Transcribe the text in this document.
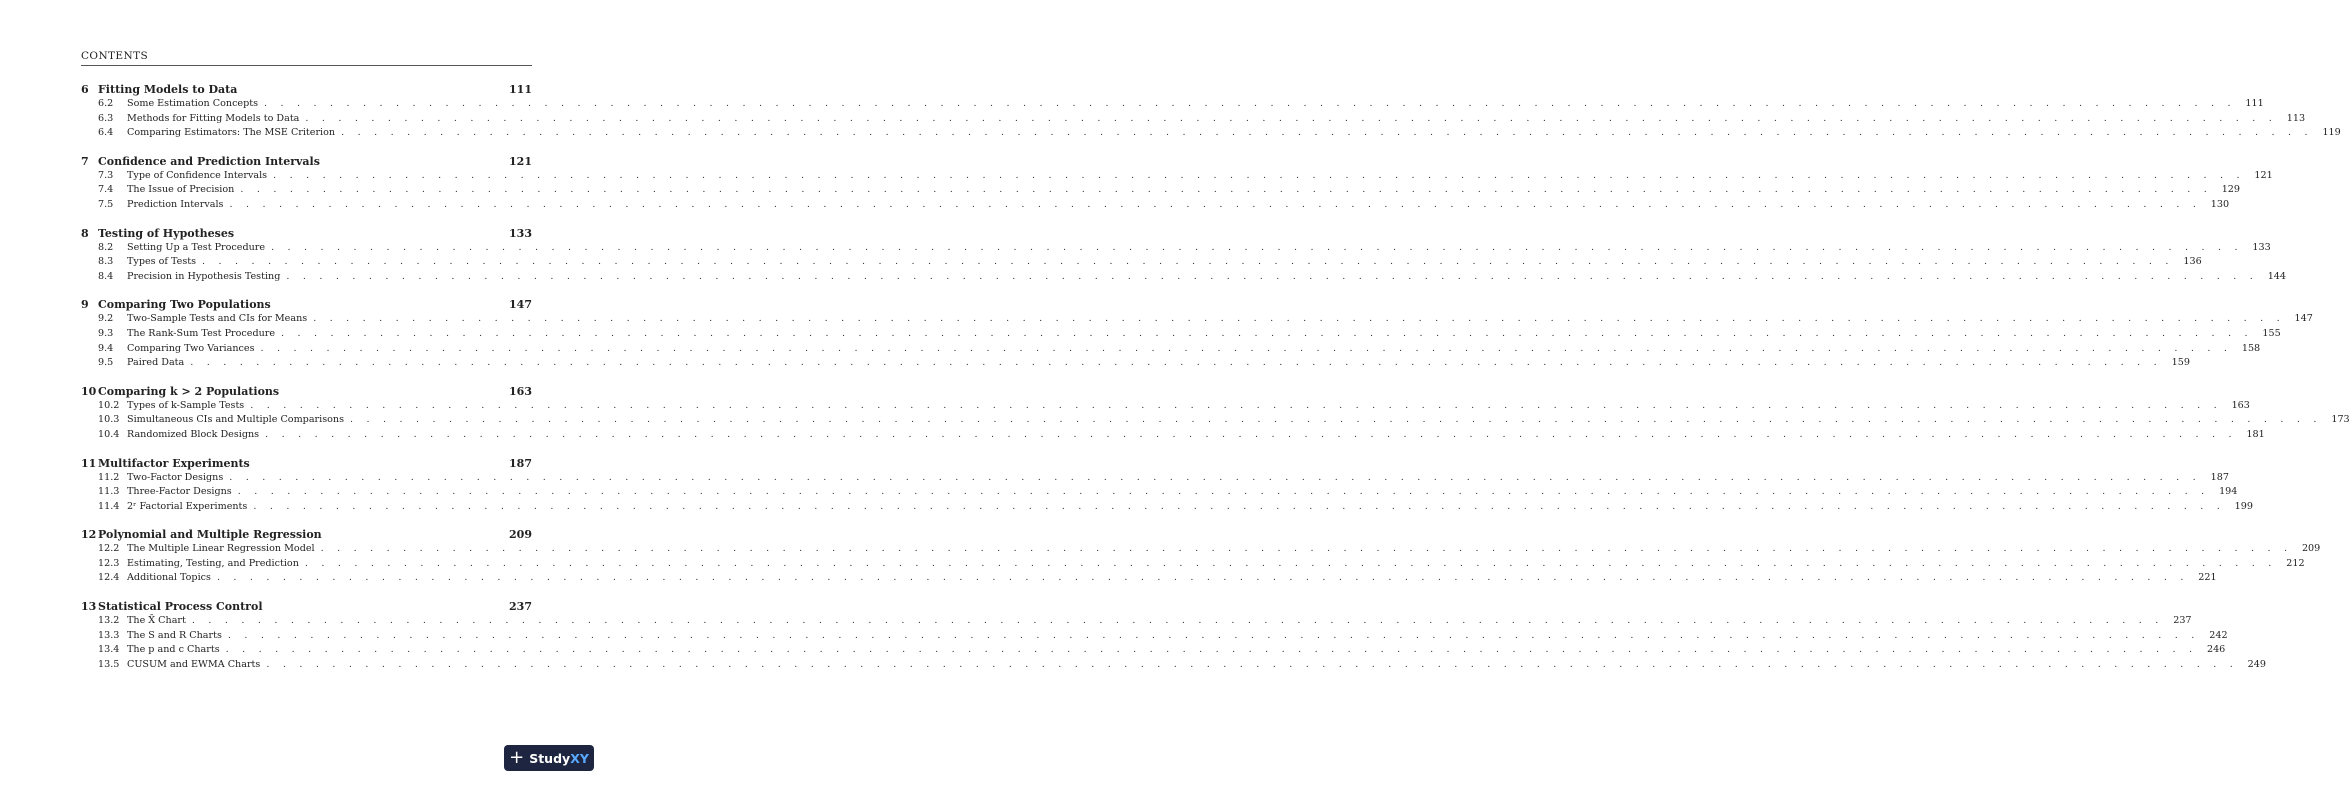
CONTENTS
6 Fitting Models to Data	111
6.2	Some Estimation Concepts . . . . . . . . . . . . . . . . . . . . . . . . . . . . . . . . . . . . . . . . . . . . . . . . . . . . . . . . . . . . . . . . . . . . . . . . . . . . . . . . . . . . . . . . . . . . . . . . . . . . . . . . . . . . . . . . . . . . . . . .	111
6.3	Methods for Fitting Models to Data . . . . . . . . . . . . . . . . . . . . . . . . . . . . . . . . . . . . . . . . . . . . . . . . . . . . . . . . . . . . . . . . . . . . . . . . . . . . . . . . . . . . . . . . . . . . . . . . . . . . . . . . . . . . . . . . . . . . . . . .	113
6.4	Comparing Estimators: The MSE Criterion . . . . . . . . . . . . . . . . . . . . . . . . . . . . . . . . . . . . . . . . . . . . . . . . . . . . . . . . . . . . . . . . . . . . . . . . . . . . . . . . . . . . . . . . . . . . . . . . . . . . . . . . . . . . . . . . . . . . . . . .	119
7 Confidence and Prediction Intervals	121
7.3	Type of Confidence Intervals . . . . . . . . . . . . . . . . . . . . . . . . . . . . . . . . . . . . . . . . . . . . . . . . . . . . . . . . . . . . . . . . . . . . . . . . . . . . . . . . . . . . . . . . . . . . . . . . . . . . . . . . . . . . . . . . . . . . . . . .	121
7.4	The Issue of Precision . . . . . . . . . . . . . . . . . . . . . . . . . . . . . . . . . . . . . . . . . . . . . . . . . . . . . . . . . . . . . . . . . . . . . . . . . . . . . . . . . . . . . . . . . . . . . . . . . . . . . . . . . . . . . . . . . . . . . . . .	129
7.5	Prediction Intervals . . . . . . . . . . . . . . . . . . . . . . . . . . . . . . . . . . . . . . . . . . . . . . . . . . . . . . . . . . . . . . . . . . . . . . . . . . . . . . . . . . . . . . . . . . . . . . . . . . . . . . . . . . . . . . . . . . . . . . . .	130
8 Testing of Hypotheses	133
8.2	Setting Up a Test Procedure . . . . . . . . . . . . . . . . . . . . . . . . . . . . . . . . . . . . . . . . . . . . . . . . . . . . . . . . . . . . . . . . . . . . . . . . . . . . . . . . . . . . . . . . . . . . . . . . . . . . . . . . . . . . . . . . . . . . . . . .	133
8.3	Types of Tests . . . . . . . . . . . . . . . . . . . . . . . . . . . . . . . . . . . . . . . . . . . . . . . . . . . . . . . . . . . . . . . . . . . . . . . . . . . . . . . . . . . . . . . . . . . . . . . . . . . . . . . . . . . . . . . . . . . . . . . .	136
8.4	Precision in Hypothesis Testing . . . . . . . . . . . . . . . . . . . . . . . . . . . . . . . . . . . . . . . . . . . . . . . . . . . . . . . . . . . . . . . . . . . . . . . . . . . . . . . . . . . . . . . . . . . . . . . . . . . . . . . . . . . . . . . . . . . . . . . .	144
9 Comparing Two Populations	147
9.2	Two-Sample Tests and CIs for Means . . . . . . . . . . . . . . . . . . . . . . . . . . . . . . . . . . . . . . . . . . . . . . . . . . . . . . . . . . . . . . . . . . . . . . . . . . . . . . . . . . . . . . . . . . . . . . . . . . . . . . . . . . . . . . . . . . . . . . . .	147
9.3	The Rank-Sum Test Procedure . . . . . . . . . . . . . . . . . . . . . . . . . . . . . . . . . . . . . . . . . . . . . . . . . . . . . . . . . . . . . . . . . . . . . . . . . . . . . . . . . . . . . . . . . . . . . . . . . . . . . . . . . . . . . . . . . . . . . . . .	155
9.4	Comparing Two Variances . . . . . . . . . . . . . . . . . . . . . . . . . . . . . . . . . . . . . . . . . . . . . . . . . . . . . . . . . . . . . . . . . . . . . . . . . . . . . . . . . . . . . . . . . . . . . . . . . . . . . . . . . . . . . . . . . . . . . . . .	158
9.5	Paired Data . . . . . . . . . . . . . . . . . . . . . . . . . . . . . . . . . . . . . . . . . . . . . . . . . . . . . . . . . . . . . . . . . . . . . . . . . . . . . . . . . . . . . . . . . . . . . . . . . . . . . . . . . . . . . . . . . . . . . . . .	159
10 Comparing k > 2 Populations	163
10.2 Types of k-Sample Tests . . . . . . . . . . . . . . . . . . . . . . . . . . . . . . . . . . . . . . . . . . . . . . . . . . . . . . . . . . . . . . . . . . . . . . . . . . . . . . . . . . . . . . . . . . . . . . . . . . . . . . . . . . . . . . . . . . . . . . . .	163
10.3 Simultaneous CIs and Multiple Comparisons . . . . . . . . . . . . . . . . . . . . . . . . . . . . . . . . . . . . . . . . . . . . . . . . . . . . . . . . . . . . . . . . . . . . . . . . . . . . . . . . . . . . . . . . . . . . . . . . . . . . . . . . . . . . . . . . . . . . . . . .	173
10.4 Randomized Block Designs . . . . . . . . . . . . . . . . . . . . . . . . . . . . . . . . . . . . . . . . . . . . . . . . . . . . . . . . . . . . . . . . . . . . . . . . . . . . . . . . . . . . . . . . . . . . . . . . . . . . . . . . . . . . . . . . . . . . . . . .	181
11 Multifactor Experiments	187
11.2 Two-Factor Designs . . . . . . . . . . . . . . . . . . . . . . . . . . . . . . . . . . . . . . . . . . . . . . . . . . . . . . . . . . . . . . . . . . . . . . . . . . . . . . . . . . . . . . . . . . . . . . . . . . . . . . . . . . . . . . . . . . . . . . . .	187
11.3 Three-Factor Designs . . . . . . . . . . . . . . . . . . . . . . . . . . . . . . . . . . . . . . . . . . . . . . . . . . . . . . . . . . . . . . . . . . . . . . . . . . . . . . . . . . . . . . . . . . . . . . . . . . . . . . . . . . . . . . . . . . . . . . . .	194
11.4 2ʳ Factorial Experiments . . . . . . . . . . . . . . . . . . . . . . . . . . . . . . . . . . . . . . . . . . . . . . . . . . . . . . . . . . . . . . . . . . . . . . . . . . . . . . . . . . . . . . . . . . . . . . . . . . . . . . . . . . . . . . . . . . . . . . . .	199
12 Polynomial and Multiple Regression	209
12.2 The Multiple Linear Regression Model . . . . . . . . . . . . . . . . . . . . . . . . . . . . . . . . . . . . . . . . . . . . . . . . . . . . . . . . . . . . . . . . . . . . . . . . . . . . . . . . . . . . . . . . . . . . . . . . . . . . . . . . . . . . . . . . . . . . . . . .	209
12.3 Estimating, Testing, and Prediction . . . . . . . . . . . . . . . . . . . . . . . . . . . . . . . . . . . . . . . . . . . . . . . . . . . . . . . . . . . . . . . . . . . . . . . . . . . . . . . . . . . . . . . . . . . . . . . . . . . . . . . . . . . . . . . . . . . . . . . .	212
12.4 Additional Topics . . . . . . . . . . . . . . . . . . . . . . . . . . . . . . . . . . . . . . . . . . . . . . . . . . . . . . . . . . . . . . . . . . . . . . . . . . . . . . . . . . . . . . . . . . . . . . . . . . . . . . . . . . . . . . . . . . . . . . . .	221
13 Statistical Process Control	237
13.2 The X̄ Chart . . . . . . . . . . . . . . . . . . . . . . . . . . . . . . . . . . . . . . . . . . . . . . . . . . . . . . . . . . . . . . . . . . . . . . . . . . . . . . . . . . . . . . . . . . . . . . . . . . . . . . . . . . . . . . . . . . . . . . . .	237
13.3 The S and R Charts . . . . . . . . . . . . . . . . . . . . . . . . . . . . . . . . . . . . . . . . . . . . . . . . . . . . . . . . . . . . . . . . . . . . . . . . . . . . . . . . . . . . . . . . . . . . . . . . . . . . . . . . . . . . . . . . . . . . . . . .	242
13.4 The p and c Charts . . . . . . . . . . . . . . . . . . . . . . . . . . . . . . . . . . . . . . . . . . . . . . . . . . . . . . . . . . . . . . . . . . . . . . . . . . . . . . . . . . . . . . . . . . . . . . . . . . . . . . . . . . . . . . . . . . . . . . . .	246
13.5 CUSUM and EWMA Charts . . . . . . . . . . . . . . . . . . . . . . . . . . . . . . . . . . . . . . . . . . . . . . . . . . . . . . . . . . . . . . . . . . . . . . . . . . . . . . . . . . . . . . . . . . . . . . . . . . . . . . . . . . . . . . . . . . . . . . . .	249
+ Study XY
